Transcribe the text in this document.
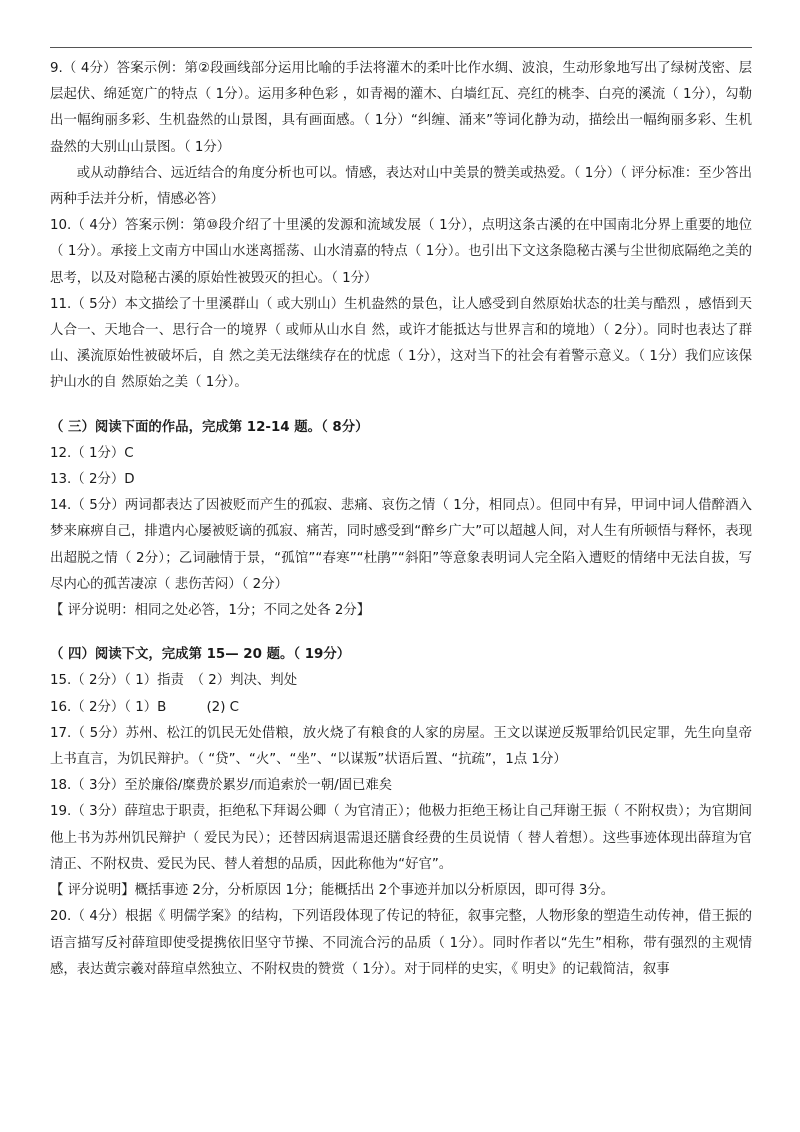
9.（ 4分）答案示例：第②段画线部分运用比喻的手法将灌木的柔叶比作水绸、波浪，生动形象地写出了绿树茂密、层层起伏、绵延宽广的特点（ 1分）。运用多种色彩 ，如青褐的灌木、白墙红瓦、亮红的桃李、白亮的溪流（ 1分），勾勒出一幅绚丽多彩、生机盎然的山景图，具有画面感。（ 1分）“纠缠、涌来”等词化静为动，描绘出一幅绚丽多彩、生机盎然的大别山山景图。（ 1分）

或从动静结合、远近结合的角度分析也可以。情感，表达对山中美景的赞美或热爱。（ 1分）（ 评分标准：至少答出两种手法并分析，情感必答）

10.（ 4分）答案示例：第⑩段介绍了十里溪的发源和流域发展（ 1分），点明这条古溪的在中国南北分界上重要的地位（ 1分）。承接上文南方中国山水迷离摇荡、山水清嘉的特点（ 1分）。也引出下文这条隐秘古溪与尘世彻底隔绝之美的思考，以及对隐秘古溪的原始性被毁灭的担心。（ 1分）

11.（ 5分）本文描绘了十里溪群山（ 或大别山）生机盎然的景色，让人感受到自然原始状态的壮美与酷烈 ，感悟到天人合一、天地合一、思行合一的境界（ 或师从山水自 然，或许才能抵达与世界言和的境地）（ 2分）。同时也表达了群山、溪流原始性被破坏后，自 然之美无法继续存在的忧虑（ 1分），这对当下的社会有着警示意义。（ 1分）我们应该保护山水的自 然原始之美（ 1分）。

（ 三）阅读下面的作品，完成第 12-14 题。（ 8分）

12.（ 1分）C

13.（ 2分）D

14.（ 5分）两词都表达了因被贬而产生的孤寂、悲痛、哀伤之情（ 1分，相同点）。但同中有异，甲词中词人借醉酒入梦来麻痹自己，排遣内心屡被贬谪的孤寂、痛苦，同时感受到“醉乡广大”可以超越人间，对人生有所顿悟与释怀，表现出超脱之情（ 2分）；乙词融情于景，“孤馆”“春寒”“杜鹃”“斜阳”等意象表明词人完全陷入遭贬的情绪中无法自拔，写尽内心的孤苦凄凉（ 悲伤苦闷）（ 2分）

【 评分说明：相同之处必答，1分；不同之处各 2分】

（ 四）阅读下文，完成第 15— 20 题。（ 19分）

15.（ 2分）（ 1）指责　（ 2）判决、判处

16.（ 2分）（ 1）B　　　(2) C

17.（ 5分）苏州、松江的饥民无处借粮，放火烧了有粮食的人家的房屋。王文以谋逆反叛罪给饥民定罪，先生向皇帝上书直言，为饥民辩护。（ “贷”、“火”、“坐”、“以谋叛”状语后置、“抗疏”，1点 1分）

18.（ 3分）至於廉俗/糜费於累岁/而追索於一朝/固已难矣

19.（ 3分）薛瑄忠于职责，拒绝私下拜谒公卿（ 为官清正）；他极力拒绝王杨让自己拜谢王振（ 不附权贵）；为官期间他上书为苏州饥民辩护（ 爱民为民）；还替因病退需退还膳食经费的生员说情（ 替人着想）。这些事迹体现出薛瑄为官清正、不附权贵、爱民为民、替人着想的品质，因此称他为“好官”。

【 评分说明】概括事迹 2分，分析原因 1分；能概括出 2个事迹并加以分析原因，即可得 3分。

20.（ 4分）根据《 明儒学案》的结构，下列语段体现了传记的特征，叙事完整，人物形象的塑造生动传神，借王振的语言描写反衬薛瑄即使受提携依旧坚守节操、不同流合污的品质（ 1分）。同时作者以“先生”相称，带有强烈的主观情感，表达黄宗羲对薛瑄卓然独立、不附权贵的赞赏（ 1分）。对于同样的史实，《 明史》的记载简洁，叙事
